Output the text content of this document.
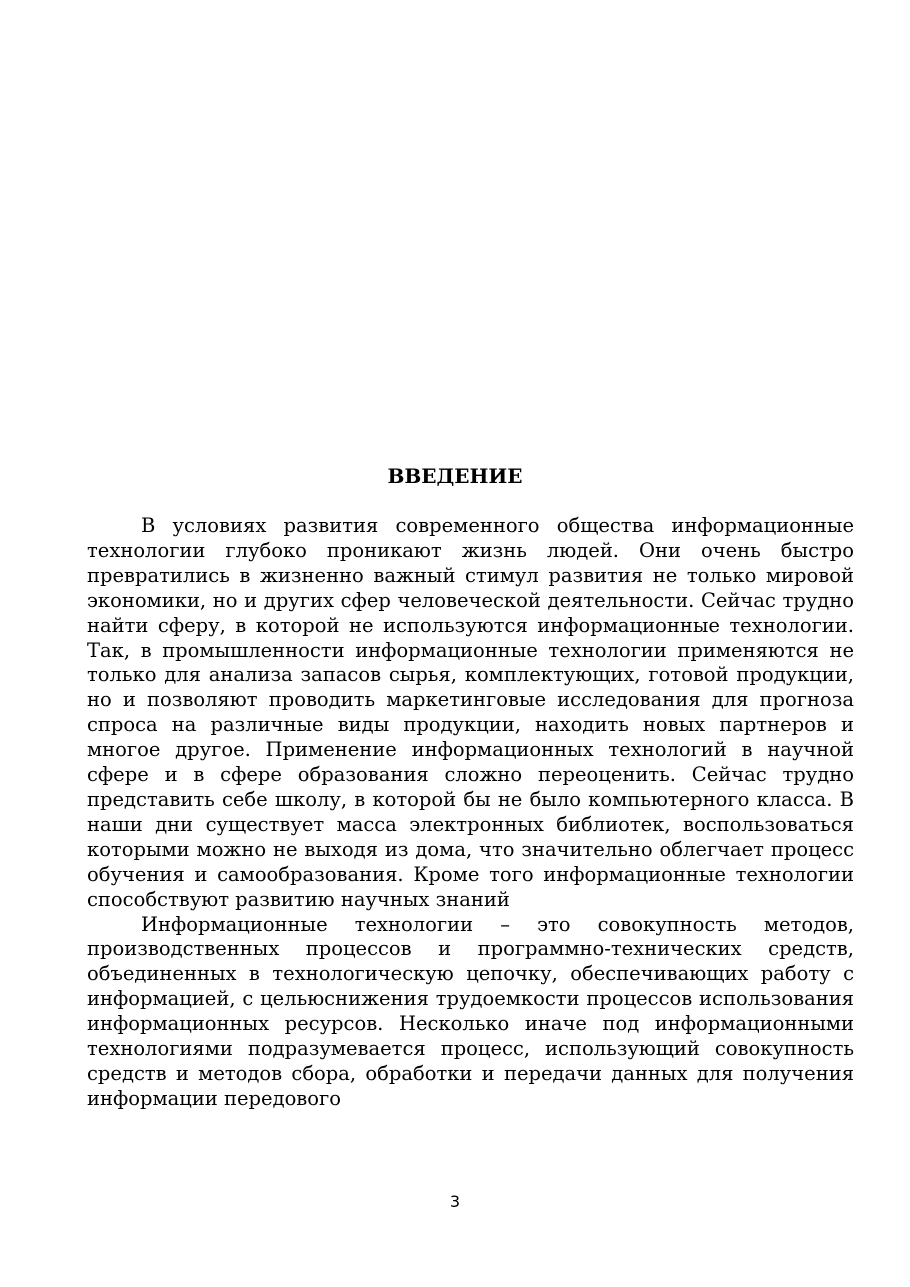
ВВЕДЕНИЕ

В условиях развития современного общества информационные технологии глубоко проникают жизнь людей. Они очень быстро превратились в жизненно важный стимул развития не только мировой экономики, но и других сфер человеческой деятельности. Сейчас трудно найти сферу, в которой не используются информационные технологии. Так, в промышленности информационные технологии применяются не только для анализа запасов сырья, комплектующих, готовой продукции, но и позволяют проводить маркетинговые исследования для прогноза спроса на различные виды продукции, находить новых партнеров и многое другое. Применение информационных технологий в научной сфере и в сфере образования сложно переоценить. Сейчас трудно представить себе школу, в которой бы не было компьютерного класса. В наши дни существует масса электронных библиотек, воспользоваться которыми можно не выходя из дома, что значительно облегчает процесс обучения и самообразования. Кроме того информационные технологии способствуют развитию научных знаний

Информационные технологии – это совокупность методов, производственных процессов и программно-технических средств, объединенных в технологическую цепочку, обеспечивающих работу с информацией, с цельюснижения трудоемкости процессов использования информационных ресурсов. Несколько иначе под информационными технологиями подразумевается процесс, использующий совокупность средств и методов сбора, обработки и передачи данных для получения информации передового

3
